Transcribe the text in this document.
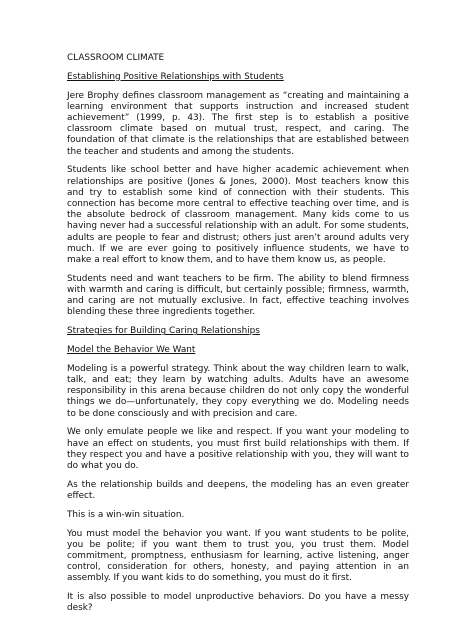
CLASSROOM CLIMATE
Establishing Positive Relationships with Students

Jere Brophy defines classroom management as “creating and maintaining a learning environment that supports instruction and increased student achievement” (1999, p. 43). The first step is to establish a positive classroom climate based on mutual trust, respect, and caring. The foundation of that climate is the relationships that are established between the teacher and students and among the students.

Students like school better and have higher academic achievement when relationships are positive (Jones & Jones, 2000). Most teachers know this and try to establish some kind of connection with their students. This connection has become more central to effective teaching over time, and is the absolute bedrock of classroom management. Many kids come to us having never had a successful relationship with an adult. For some students, adults are people to fear and distrust; others just aren’t around adults very much. If we are ever going to positively influence students, we have to make a real effort to know them, and to have them know us, as people.

Students need and want teachers to be firm. The ability to blend firmness with warmth and caring is difficult, but certainly possible; firmness, warmth, and caring are not mutually exclusive. In fact, effective teaching involves blending these three ingredients together.

Strategies for Building Caring Relationships
Model the Behavior We Want

Modeling is a powerful strategy. Think about the way children learn to walk, talk, and eat; they learn by watching adults. Adults have an awesome responsibility in this arena because children do not only copy the wonderful things we do—unfortunately, they copy everything we do. Modeling needs to be done consciously and with precision and care.

We only emulate people we like and respect. If you want your modeling to have an effect on students, you must first build relationships with them. If they respect you and have a positive relationship with you, they will want to do what you do.

As the relationship builds and deepens, the modeling has an even greater effect.

This is a win-win situation.

You must model the behavior you want. If you want students to be polite, you be polite; if you want them to trust you, you trust them. Model commitment, promptness, enthusiasm for learning, active listening, anger control, consideration for others, honesty, and paying attention in an assembly. If you want kids to do something, you must do it first.

It is also possible to model unproductive behaviors. Do you have a messy desk?
